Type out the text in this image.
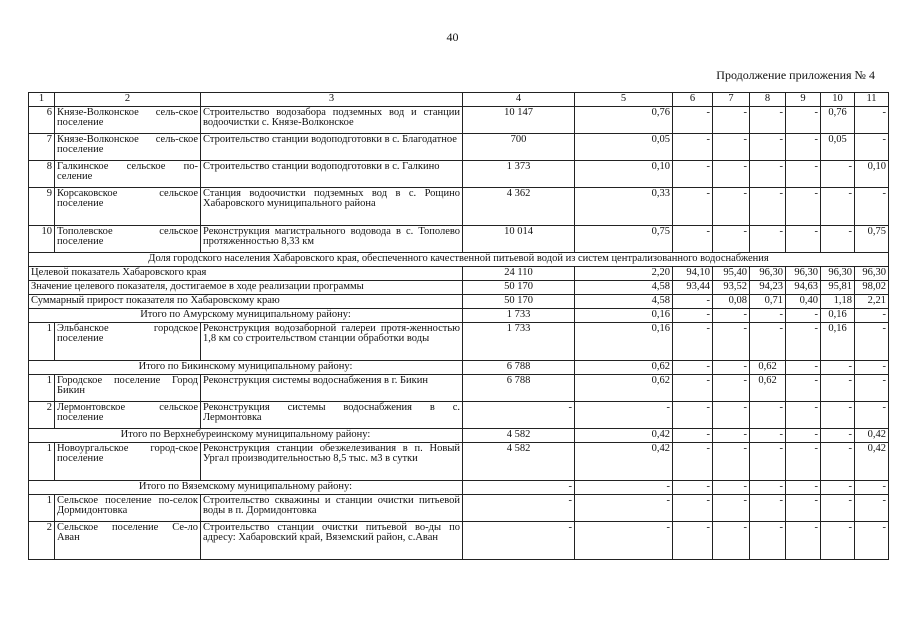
40
Продолжение приложения № 4
1	2	3	4	5	6	7	8	9	10	11
6	Князе-Волконское сель-ское поселение	Строительство водозабора подземных вод и станции водоочистки с. Князе-Волконское	10 147	0,76	-	-	-	-	0,76	-
7	Князе-Волконское сель-ское поселение	Строительство станции водоподготовки в с. Благодатное	700	0,05	-	-	-	-	0,05	-
8	Галкинское сельское по-селение	Строительство станции водоподготовки в с. Галкино	1 373	0,10	-	-	-	-	-	0,10
9	Корсаковское сельское поселение	Станция водоочистки подземных вод в с. Рощино Хабаровского муниципального района	4 362	0,33	-	-	-	-	-	-
10	Тополевское сельское поселение	Реконструкция магистрального водовода в с. Тополево протяженностью 8,33 км	10 014	0,75	-	-	-	-	-	0,75
Доля городского населения Хабаровского края, обеспеченного качественной питьевой водой из систем централизованного водоснабжения										
Целевой показатель Хабаровского края			24 110	2,20	94,10	95,40	96,30	96,30	96,30	96,30
Значение целевого показателя, достигаемое в ходе реализации программы			50 170	4,58	93,44	93,52	94,23	94,63	95,81	98,02
Суммарный прирост показателя по Хабаровскому краю			50 170	4,58	-	0,08	0,71	0,40	1,18	2,21
Итого по Амурскому муниципальному району:			1 733	0,16	-	-	-	-	0,16	-
1	Эльбанское городское поселение	Реконструкция водозаборной галереи протя-женностью 1,8 км со строительством станции обработки воды	1 733	0,16	-	-	-	-	0,16	-
Итого по Бикинскому муниципальному району:			6 788	0,62	-	-	0,62	-	-	-
1	Городское поселение Город Бикин	Реконструкция системы водоснабжения в г. Бикин	6 788	0,62	-	-	0,62	-	-	-
2	Лермонтовское сельское поселение	Реконструкция системы водоснабжения в с. Лермонтовка	-	-	-	-	-	-	-	-
Итого по Верхнебуреинскому муниципальному району:			4 582	0,42	-	-	-	-	-	0,42
1	Новоургальское город-ское поселение	Реконструкция станции обезжелезивания в п. Новый Ургал производительностью 8,5 тыс. м3 в сутки	4 582	0,42	-	-	-	-	-	0,42
Итого по Вяземскому муниципальному району:			-	-	-	-	-	-	-	-
1	Сельское поселение по-селок Дормидонтовка	Строительство скважины и станции очистки питьевой воды в п. Дормидонтовка	-	-	-	-	-	-	-	-
2	Сельское поселение Се-ло Аван	Строительство станции очистки питьевой во-ды по адресу: Хабаровский край, Вяземский район, с.Аван	-	-	-	-	-	-	-	-
